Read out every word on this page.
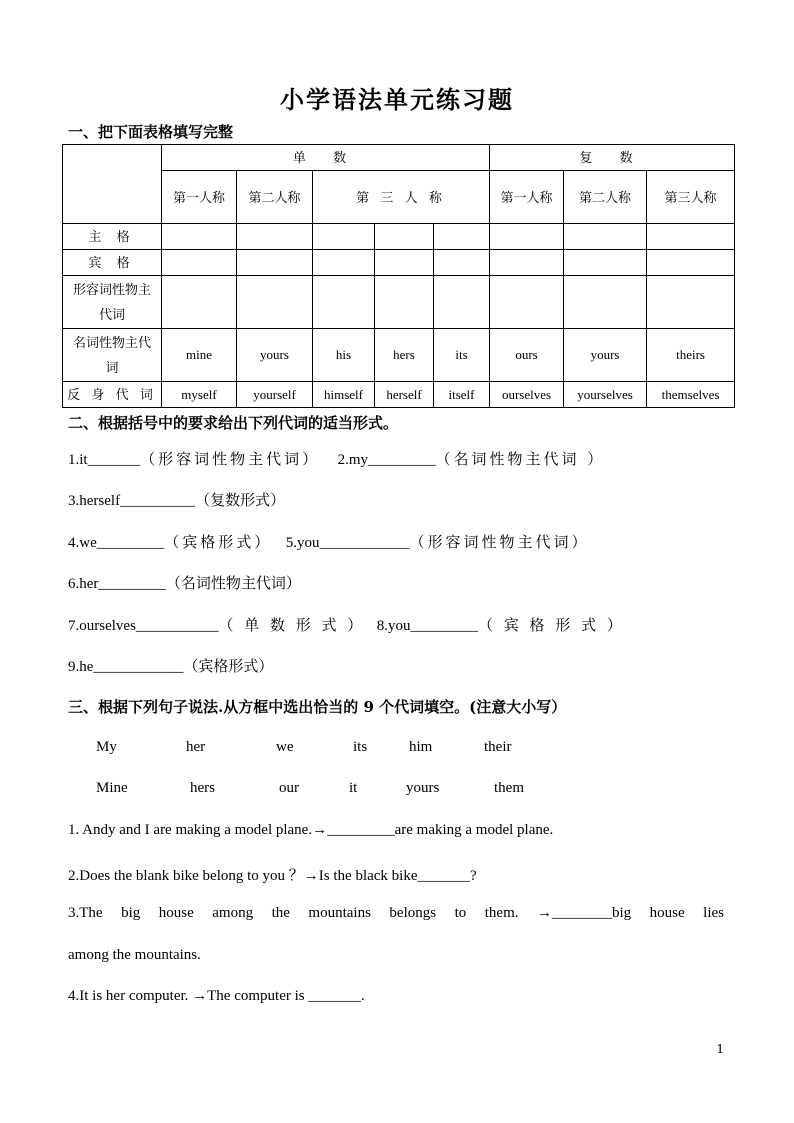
小学语法单元练习题
一、把下面表格填写完整
	单 数					复 数		
	第一人称	第二人称	第 三 人 称			第一人称	第二人称	第三人称
主 格								
宾 格								
形容词性物主代词								
名词性物主代词	mine	yours	his	hers	its	ours	yours	theirs
反 身 代 词	myself	yourself	himself	herself	itself	ourselves	yourselves	themselves
二、根据括号中的要求给出下列代词的适当形式。
1.it_______（形容词性物主代词） 2.my_________（名词性物主代词 ）
3.herself__________（复数形式）
4.we_________（宾格形式） 5.you____________（形容词性物主代词）
6.her_________（名词性物主代词）
7.ourselves___________（ 单 数 形 式 ） 8.you_________（ 宾 格 形 式 ）
9.he____________（宾格形式）
三、根据下列句子说法.从方框中选出恰当的 9 个代词填空。(注意大小写）
My	her	we	its	him	their
Mine	hers	our	it	yours	them
1. Andy and I are making a model plane.→_________are making a model plane.
2.Does the blank bike belong to you ？→Is the black bike_______?
3.The big house among the mountains belongs to them. →________big house lies
among the mountains.
4.It is her computer. →The computer is _______.
1
